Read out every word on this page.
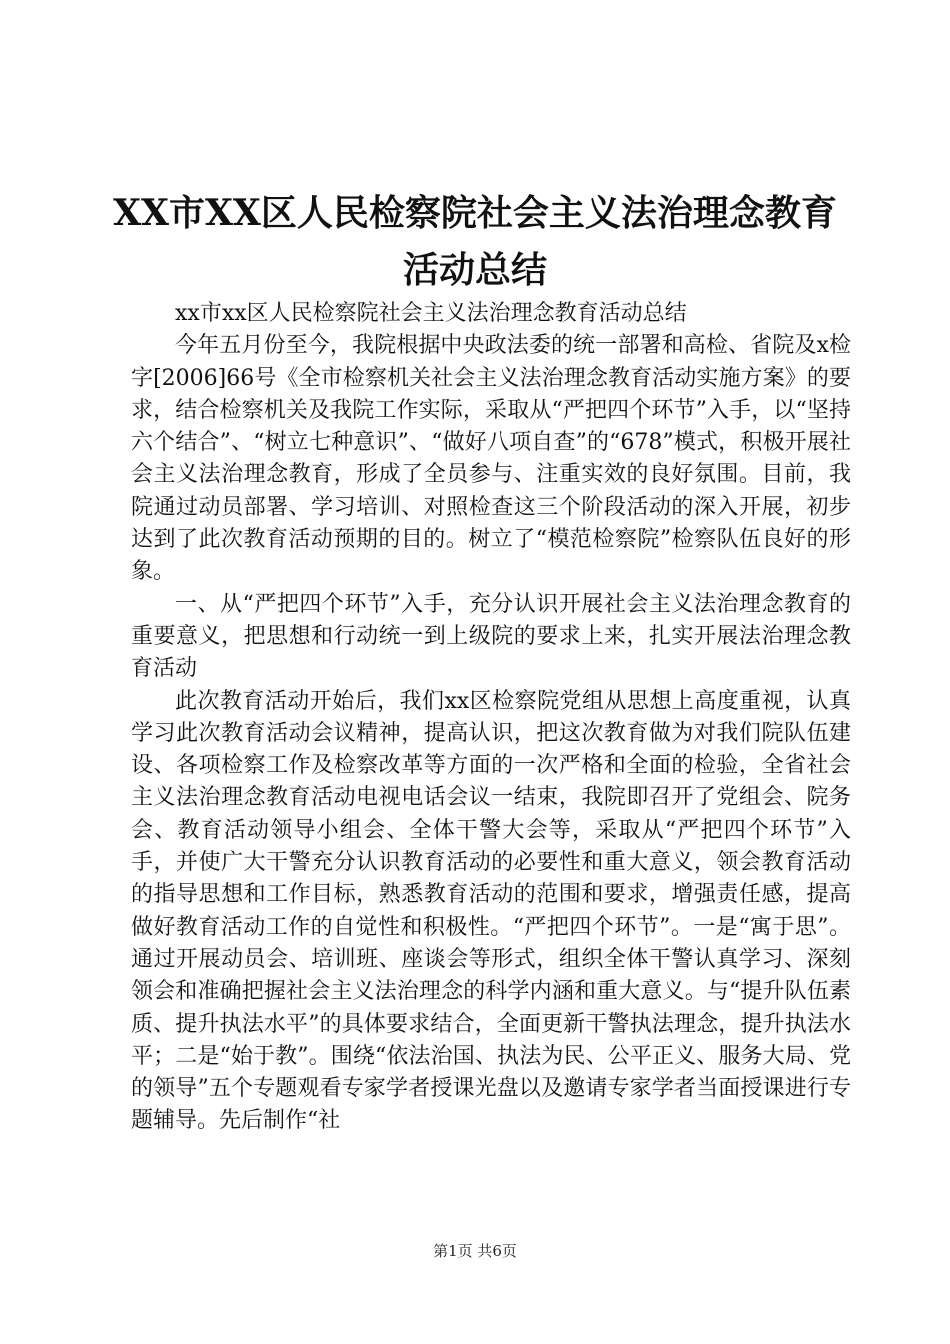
XX市XX区人民检察院社会主义法治理念教育
活动总结

xx市xx区人民检察院社会主义法治理念教育活动总结

今年五月份至今，我院根据中央政法委的统一部署和高检、省院及x检字[2006]66号《全市检察机关社会主义法治理念教育活动实施方案》的要求，结合检察机关及我院工作实际，采取从“严把四个环节”入手，以“坚持六个结合”、“树立七种意识”、“做好八项自查”的“678”模式，积极开展社会主义法治理念教育，形成了全员参与、注重实效的良好氛围。目前，我院通过动员部署、学习培训、对照检查这三个阶段活动的深入开展，初步达到了此次教育活动预期的目的。树立了“模范检察院”检察队伍良好的形象。

一、从“严把四个环节”入手，充分认识开展社会主义法治理念教育的重要意义，把思想和行动统一到上级院的要求上来，扎实开展法治理念教育活动

此次教育活动开始后，我们xx区检察院党组从思想上高度重视，认真学习此次教育活动会议精神，提高认识，把这次教育做为对我们院队伍建设、各项检察工作及检察改革等方面的一次严格和全面的检验，全省社会主义法治理念教育活动电视电话会议一结束，我院即召开了党组会、院务会、教育活动领导小组会、全体干警大会等，采取从“严把四个环节”入手，并使广大干警充分认识教育活动的必要性和重大意义，领会教育活动的指导思想和工作目标，熟悉教育活动的范围和要求，增强责任感，提高做好教育活动工作的自觉性和积极性。“严把四个环节”。一是“寓于思”。通过开展动员会、培训班、座谈会等形式，组织全体干警认真学习、深刻领会和准确把握社会主义法治理念的科学内涵和重大意义。与“提升队伍素质、提升执法水平”的具体要求结合，全面更新干警执法理念，提升执法水平；二是“始于教”。围绕“依法治国、执法为民、公平正义、服务大局、党的领导”五个专题观看专家学者授课光盘以及邀请专家学者当面授课进行专题辅导。先后制作“社

第1页 共6页
